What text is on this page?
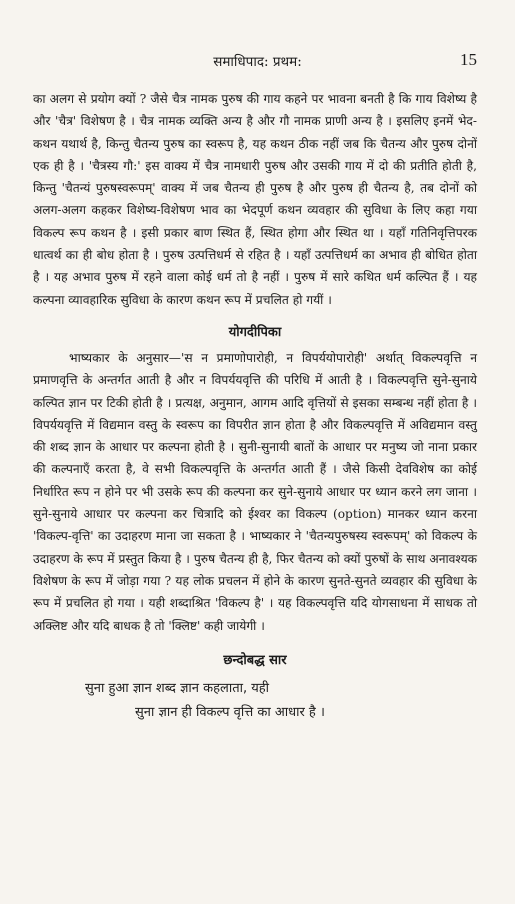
समाधिपाद: प्रथम:	15

का अलग से प्रयोग क्यों ? जैसे चैत्र नामक पुरुष की गाय कहने पर भावना बनती है कि गाय विशेष्य है और 'चैत्र' विशेषण है । चैत्र नामक व्यक्ति अन्य है और गौ नामक प्राणी अन्य है । इसलिए इनमें भेद-कथन यथार्थ है, किन्तु चैतन्य पुरुष का स्वरूप है, यह कथन ठीक नहीं जब कि चैतन्य और पुरुष दोनों एक ही है । 'चैत्रस्य गौ:' इस वाक्य में चैत्र नामधारी पुरुष और उसकी गाय में दो की प्रतीति होती है, किन्तु 'चैतन्यं पुरुषस्वरूपम्' वाक्य में जब चैतन्य ही पुरुष है और पुरुष ही चैतन्य है, तब दोनों को अलग-अलग कहकर विशेष्य-विशेषण भाव का भेदपूर्ण कथन व्यवहार की सुविधा के लिए कहा गया विकल्प रूप कथन है । इसी प्रकार बाण स्थित हैं, स्थित होगा और स्थित था । यहाँ गतिनिवृत्तिपरक धात्वर्थ का ही बोध होता है । पुरुष उत्पत्तिधर्म से रहित है । यहाँ उत्पत्तिधर्म का अभाव ही बोधित होता है । यह अभाव पुरुष में रहने वाला कोई धर्म तो है नहीं । पुरुष में सारे कथित धर्म कल्पित हैं । यह कल्पना व्यावहारिक सुविधा के कारण कथन रूप में प्रचलित हो गयीं ।

योगदीपिका

भाष्यकार के अनुसार—'स न प्रमाणोपारोही, न विपर्ययोपारोही' अर्थात् विकल्पवृत्ति न प्रमाणवृत्ति के अन्तर्गत आती है और न विपर्ययवृत्ति की परिधि में आती है । विकल्पवृत्ति सुने-सुनाये कल्पित ज्ञान पर टिकी होती है । प्रत्यक्ष, अनुमान, आगम आदि वृत्तियों से इसका सम्बन्ध नहीं होता है । विपर्ययवृत्ति में विद्यमान वस्तु के स्वरूप का विपरीत ज्ञान होता है और विकल्पवृत्ति में अविद्यमान वस्तु की शब्द ज्ञान के आधार पर कल्पना होती है । सुनी-सुनायी बातों के आधार पर मनुष्य जो नाना प्रकार की कल्पनाएँ करता है, वे सभी विकल्पवृत्ति के अन्तर्गत आती हैं । जैसे किसी देवविशेष का कोई निर्धारित रूप न होने पर भी उसके रूप की कल्पना कर सुने-सुनाये आधार पर ध्यान करने लग जाना । सुने-सुनाये आधार पर कल्पना कर चित्रादि को ईश्वर का विकल्प (option) मानकर ध्यान करना 'विकल्प-वृत्ति' का उदाहरण माना जा सकता है । भाष्यकार ने 'चैतन्यपुरुषस्य स्वरूपम्' को विकल्प के उदाहरण के रूप में प्रस्तुत किया है । पुरुष चैतन्य ही है, फिर चैतन्य को क्यों पुरुषों के साथ अनावश्यक विशेषण के रूप में जोड़ा गया ? यह लोक प्रचलन में होने के कारण सुनते-सुनते व्यवहार की सुविधा के रूप में प्रचलित हो गया । यही शब्दाश्रित 'विकल्प है' । यह विकल्पवृत्ति यदि योगसाधना में साधक तो अक्लिष्ट और यदि बाधक है तो 'क्लिष्ट' कही जायेगी ।

छन्दोबद्ध सार
सुना हुआ ज्ञान शब्द ज्ञान कहलाता, यही
सुना ज्ञान ही विकल्प वृत्ति का आधार है ।
